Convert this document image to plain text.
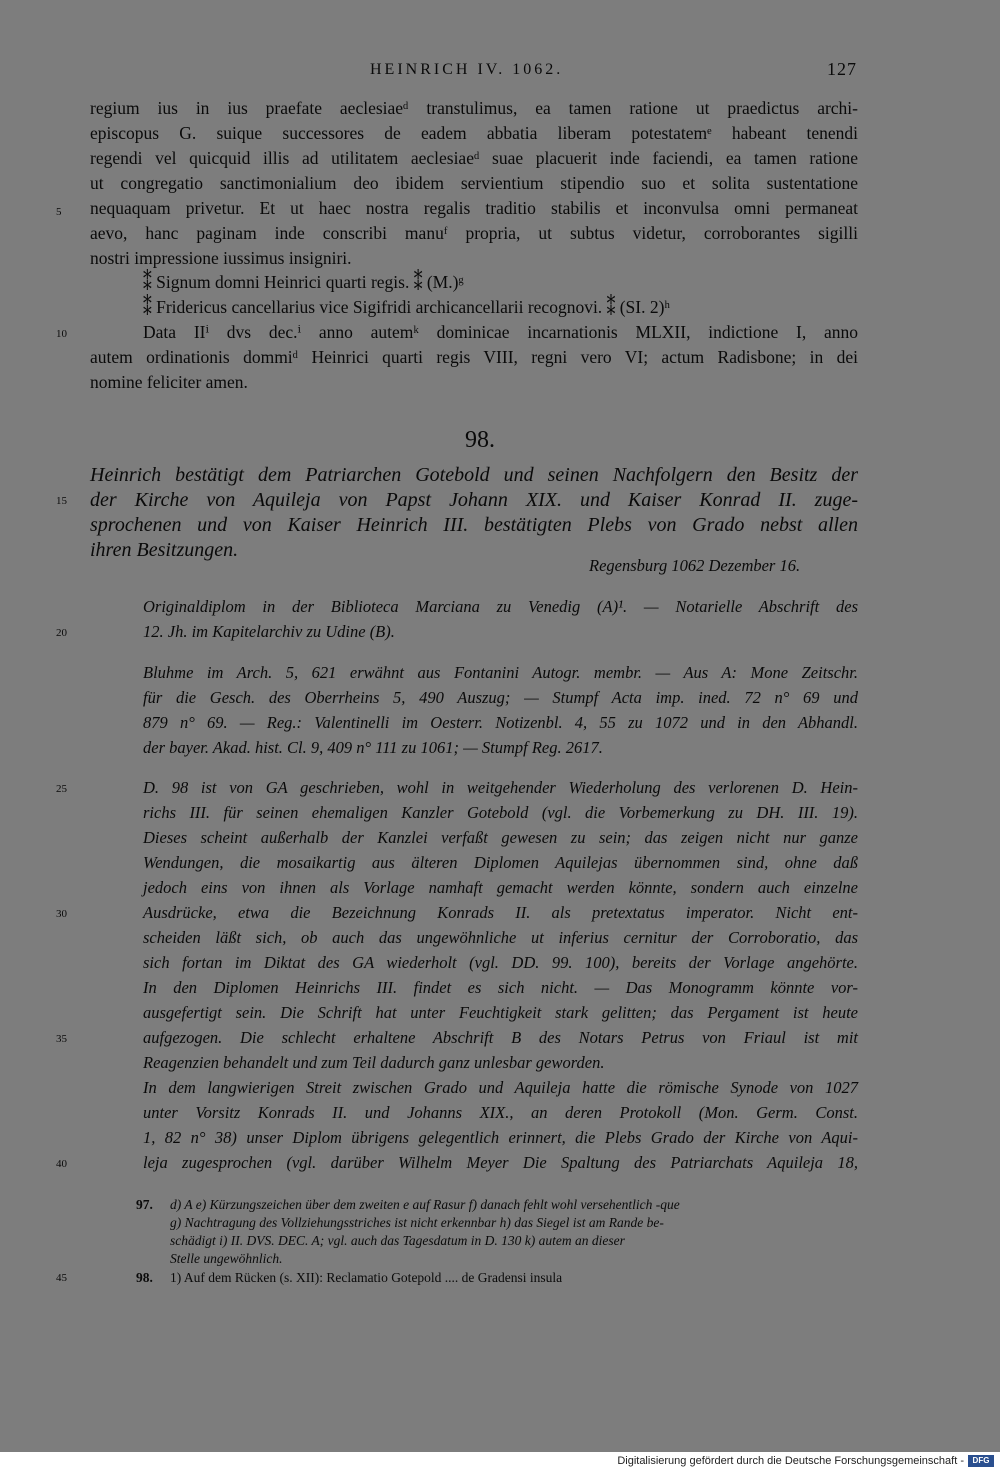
HEINRICH IV. 1062.	127
regium ius in ius praefate aeclesiaeᵈ transtulimus, ea tamen ratione ut praedictus archi-
episcopus G. suique successores de eadem abbatia liberam potestatemᵉ habeant tenendi
regendi vel quicquid illis ad utilitatem aeclesiaeᵈ suae placuerit inde faciendi, ea tamen ratione
ut congregatio sanctimonialium deo ibidem servientium stipendio suo et solita sustentatione
nequaquam privetur. Et ut haec nostra regalis traditio stabilis et inconvulsa omni permaneat
aevo, hanc paginam inde conscribi manuᶠ propria, ut subtus videtur, corroborantes sigilli
nostri impressione iussimus insigniri.
⁑ Signum domni Heinrici quarti regis. ⁑ (M.)ᵍ
⁑ Fridericus cancellarius vice Sigifridi archicancellarii recognovi. ⁑ (SI. 2)ʰ
Data IIⁱ dvs dec.ⁱ anno autemᵏ dominicae incarnationis MLXII, indictione I, anno
autem ordinationis dommiᵈ Heinrici quarti regis VIII, regni vero VI; actum Radisbone; in dei
nomine feliciter amen.
98.
Heinrich bestätigt dem Patriarchen Gotebold und seinen Nachfolgern den Besitz der
der Kirche von Aquileja von Papst Johann XIX. und Kaiser Konrad II. zuge-
sprochenen und von Kaiser Heinrich III. bestätigten Plebs von Grado nebst allen
ihren Besitzungen.
Regensburg 1062 Dezember 16.
Originaldiplom in der Biblioteca Marciana zu Venedig (A)¹. — Notarielle Abschrift des
12. Jh. im Kapitelarchiv zu Udine (B).
Bluhme im Arch. 5, 621 erwähnt aus Fontanini Autogr. membr. — Aus A: Mone Zeitschr.
für die Gesch. des Oberrheins 5, 490 Auszug; — Stumpf Acta imp. ined. 72 n° 69 und
879 n° 69. — Reg.: Valentinelli im Oesterr. Notizenbl. 4, 55 zu 1072 und in den Abhandl.
der bayer. Akad. hist. Cl. 9, 409 n° 111 zu 1061; — Stumpf Reg. 2617.
D. 98 ist von GA geschrieben, wohl in weitgehender Wiederholung des verlorenen D. Hein-
richs III. für seinen ehemaligen Kanzler Gotebold (vgl. die Vorbemerkung zu DH. III. 19).
Dieses scheint außerhalb der Kanzlei verfaßt gewesen zu sein; das zeigen nicht nur ganze
Wendungen, die mosaikartig aus älteren Diplomen Aquilejas übernommen sind, ohne daß
jedoch eins von ihnen als Vorlage namhaft gemacht werden könnte, sondern auch einzelne
Ausdrücke, etwa die Bezeichnung Konrads II. als pretextatus imperator. Nicht ent-
scheiden läßt sich, ob auch das ungewöhnliche ut inferius cernitur der Corroboratio, das
sich fortan im Diktat des GA wiederholt (vgl. DD. 99. 100), bereits der Vorlage angehörte.
In den Diplomen Heinrichs III. findet es sich nicht. — Das Monogramm könnte vor-
ausgefertigt sein. Die Schrift hat unter Feuchtigkeit stark gelitten; das Pergament ist heute
aufgezogen. Die schlecht erhaltene Abschrift B des Notars Petrus von Friaul ist mit
Reagenzien behandelt und zum Teil dadurch ganz unlesbar geworden.
In dem langwierigen Streit zwischen Grado und Aquileja hatte die römische Synode von 1027
unter Vorsitz Konrads II. und Johanns XIX., an deren Protokoll (Mon. Germ. Const.
1, 82 n° 38) unser Diplom übrigens gelegentlich erinnert, die Plebs Grado der Kirche von Aqui-
leja zugesprochen (vgl. darüber Wilhelm Meyer Die Spaltung des Patriarchats Aquileja 18,
97. d) A e) Kürzungszeichen über dem zweiten e auf Rasur f) danach fehlt wohl versehentlich -que
g) Nachtragung des Vollziehungsstriches ist nicht erkennbar h) das Siegel ist am Rande be-
schädigt i) II. DVS. DEC. A; vgl. auch das Tagesdatum in D. 130 k) autem an dieser
Stelle ungewöhnlich.
98. 1) Auf dem Rücken (s. XII): Reclamatio Gotepold .... de Gradensi insula
5
10
15
20
25
30
35
40
45
Digitalisierung gefördert durch die Deutsche Forschungsgemeinschaft -	DFG
